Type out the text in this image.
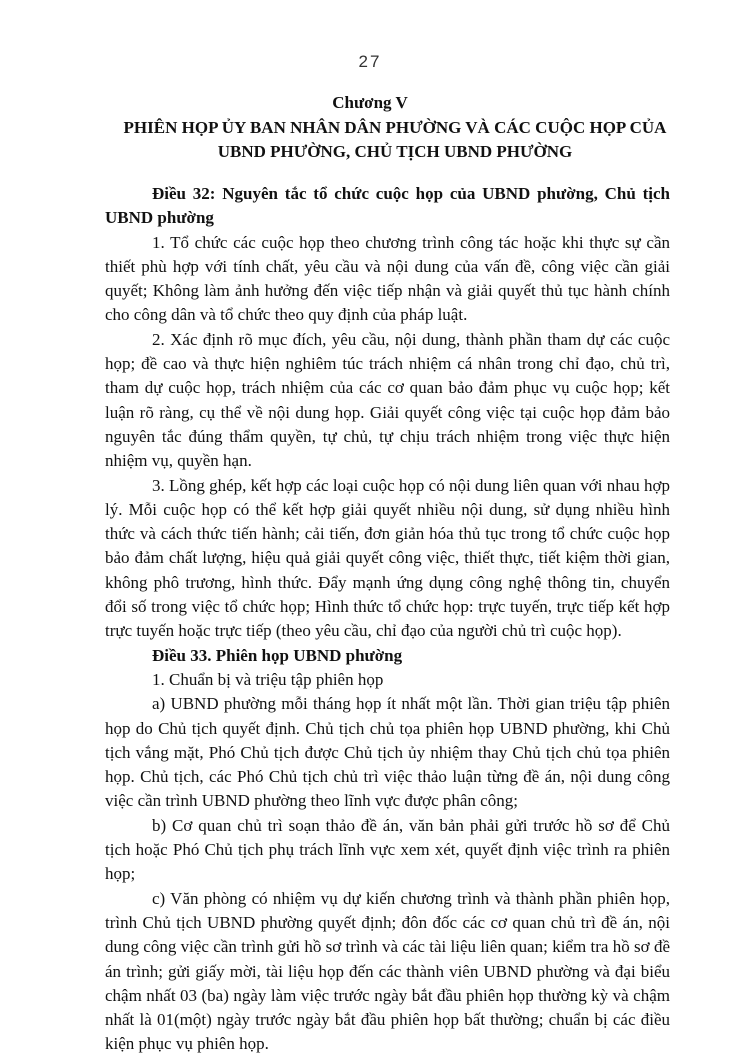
27
Chương V
PHIÊN HỌP ỦY BAN NHÂN DÂN PHƯỜNG VÀ CÁC CUỘC HỌP CỦA UBND PHƯỜNG, CHỦ TỊCH UBND PHƯỜNG

Điều 32: Nguyên tắc tổ chức cuộc họp của UBND phường, Chủ tịch UBND phường

1. Tổ chức các cuộc họp theo chương trình công tác hoặc khi thực sự cần thiết phù hợp với tính chất, yêu cầu và nội dung của vấn đề, công việc cần giải quyết; Không làm ảnh hưởng đến việc tiếp nhận và giải quyết thủ tục hành chính cho công dân và tổ chức theo quy định của pháp luật.

2. Xác định rõ mục đích, yêu cầu, nội dung, thành phần tham dự các cuộc họp; đề cao và thực hiện nghiêm túc trách nhiệm cá nhân trong chỉ đạo, chủ trì, tham dự cuộc họp, trách nhiệm của các cơ quan bảo đảm phục vụ cuộc họp; kết luận rõ ràng, cụ thể về nội dung họp. Giải quyết công việc tại cuộc họp đảm bảo nguyên tắc đúng thẩm quyền, tự chủ, tự chịu trách nhiệm trong việc thực hiện nhiệm vụ, quyền hạn.

3. Lồng ghép, kết hợp các loại cuộc họp có nội dung liên quan với nhau hợp lý. Mỗi cuộc họp có thể kết hợp giải quyết nhiều nội dung, sử dụng nhiều hình thức và cách thức tiến hành; cải tiến, đơn giản hóa thủ tục trong tổ chức cuộc họp bảo đảm chất lượng, hiệu quả giải quyết công việc, thiết thực, tiết kiệm thời gian, không phô trương, hình thức. Đẩy mạnh ứng dụng công nghệ thông tin, chuyển đổi số trong việc tổ chức họp; Hình thức tổ chức họp: trực tuyến, trực tiếp kết hợp trực tuyến hoặc trực tiếp (theo yêu cầu, chỉ đạo của người chủ trì cuộc họp).

Điều 33. Phiên họp UBND phường

1. Chuẩn bị và triệu tập phiên họp

a) UBND phường mỗi tháng họp ít nhất một lần. Thời gian triệu tập phiên họp do Chủ tịch quyết định. Chủ tịch chủ tọa phiên họp UBND phường, khi Chủ tịch vắng mặt, Phó Chủ tịch được Chủ tịch ủy nhiệm thay Chủ tịch chủ tọa phiên họp. Chủ tịch, các Phó Chủ tịch chủ trì việc thảo luận từng đề án, nội dung công việc cần trình UBND phường theo lĩnh vực được phân công;

b) Cơ quan chủ trì soạn thảo đề án, văn bản phải gửi trước hồ sơ để Chủ tịch hoặc Phó Chủ tịch phụ trách lĩnh vực xem xét, quyết định việc trình ra phiên họp;

c) Văn phòng có nhiệm vụ dự kiến chương trình và thành phần phiên họp, trình Chủ tịch UBND phường quyết định; đôn đốc các cơ quan chủ trì đề án, nội dung công việc cần trình gửi hồ sơ trình và các tài liệu liên quan; kiểm tra hồ sơ đề án trình; gửi giấy mời, tài liệu họp đến các thành viên UBND phường và đại biểu chậm nhất 03 (ba) ngày làm việc trước ngày bắt đầu phiên họp thường kỳ và chậm nhất là 01(một) ngày trước ngày bắt đầu phiên họp bất thường; chuẩn bị các điều kiện phục vụ phiên họp.
